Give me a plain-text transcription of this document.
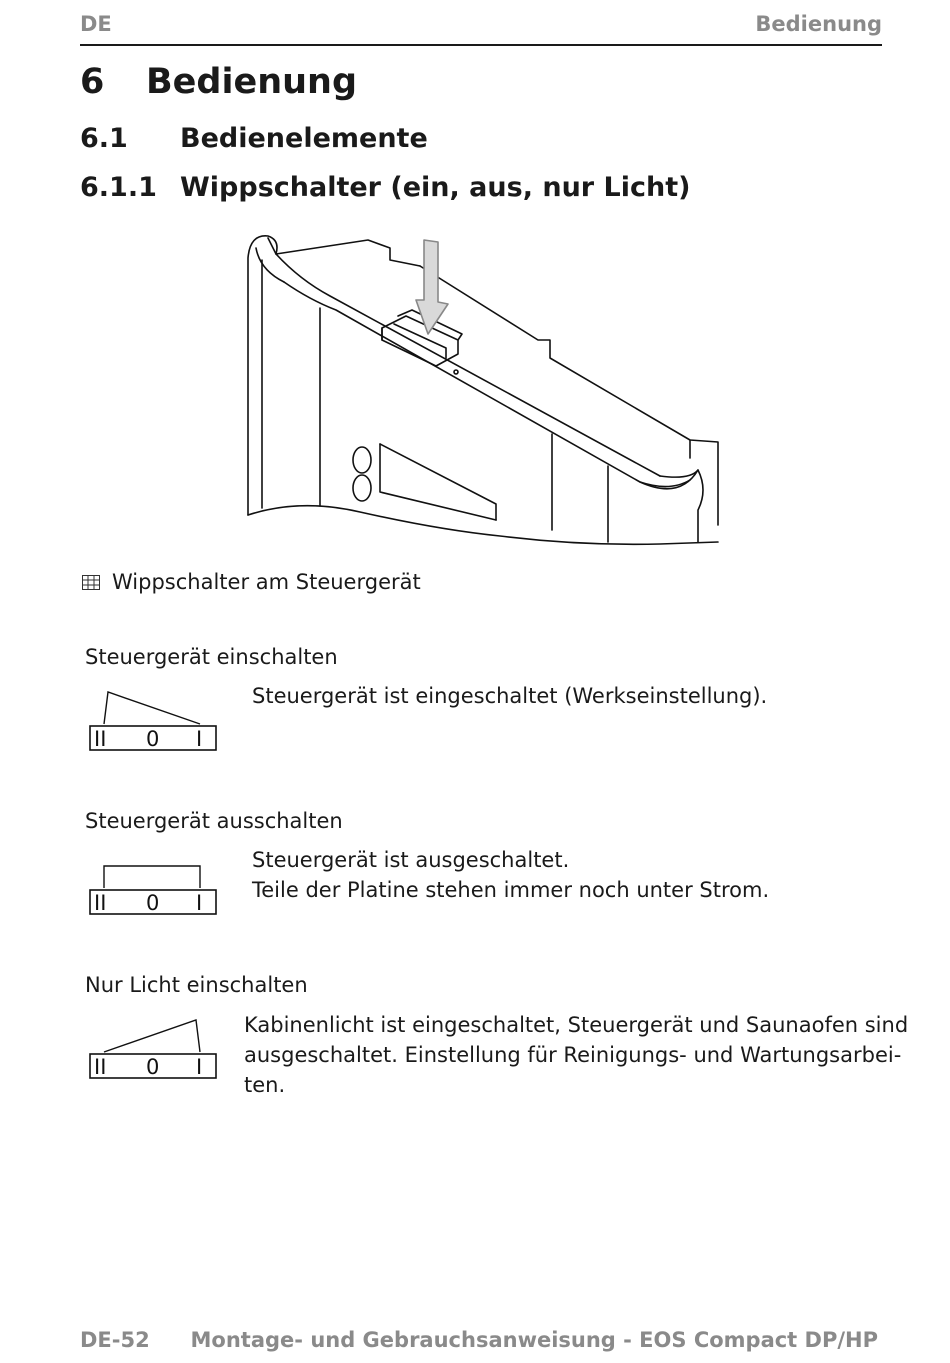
DE	Bedienung
6 Bedienung
6.1 Bedienelemente
6.1.1 Wippschalter (ein, aus, nur Licht)
Wippschalter am Steuergerät
Steuergerät einschalten
II 0 I
Steuergerät ist eingeschaltet (Werkseinstellung).
Steuergerät ausschalten
II 0 I
Steuergerät ist ausgeschaltet.
Teile der Platine stehen immer noch unter Strom.
Nur Licht einschalten
II 0 I
Kabinenlicht ist eingeschaltet, Steuergerät und Saunaofen sind
ausgeschaltet. Einstellung für Reinigungs- und Wartungsarbei-
ten.
DE-52 Montage- und Gebrauchsanweisung - EOS Compact DP/HP
